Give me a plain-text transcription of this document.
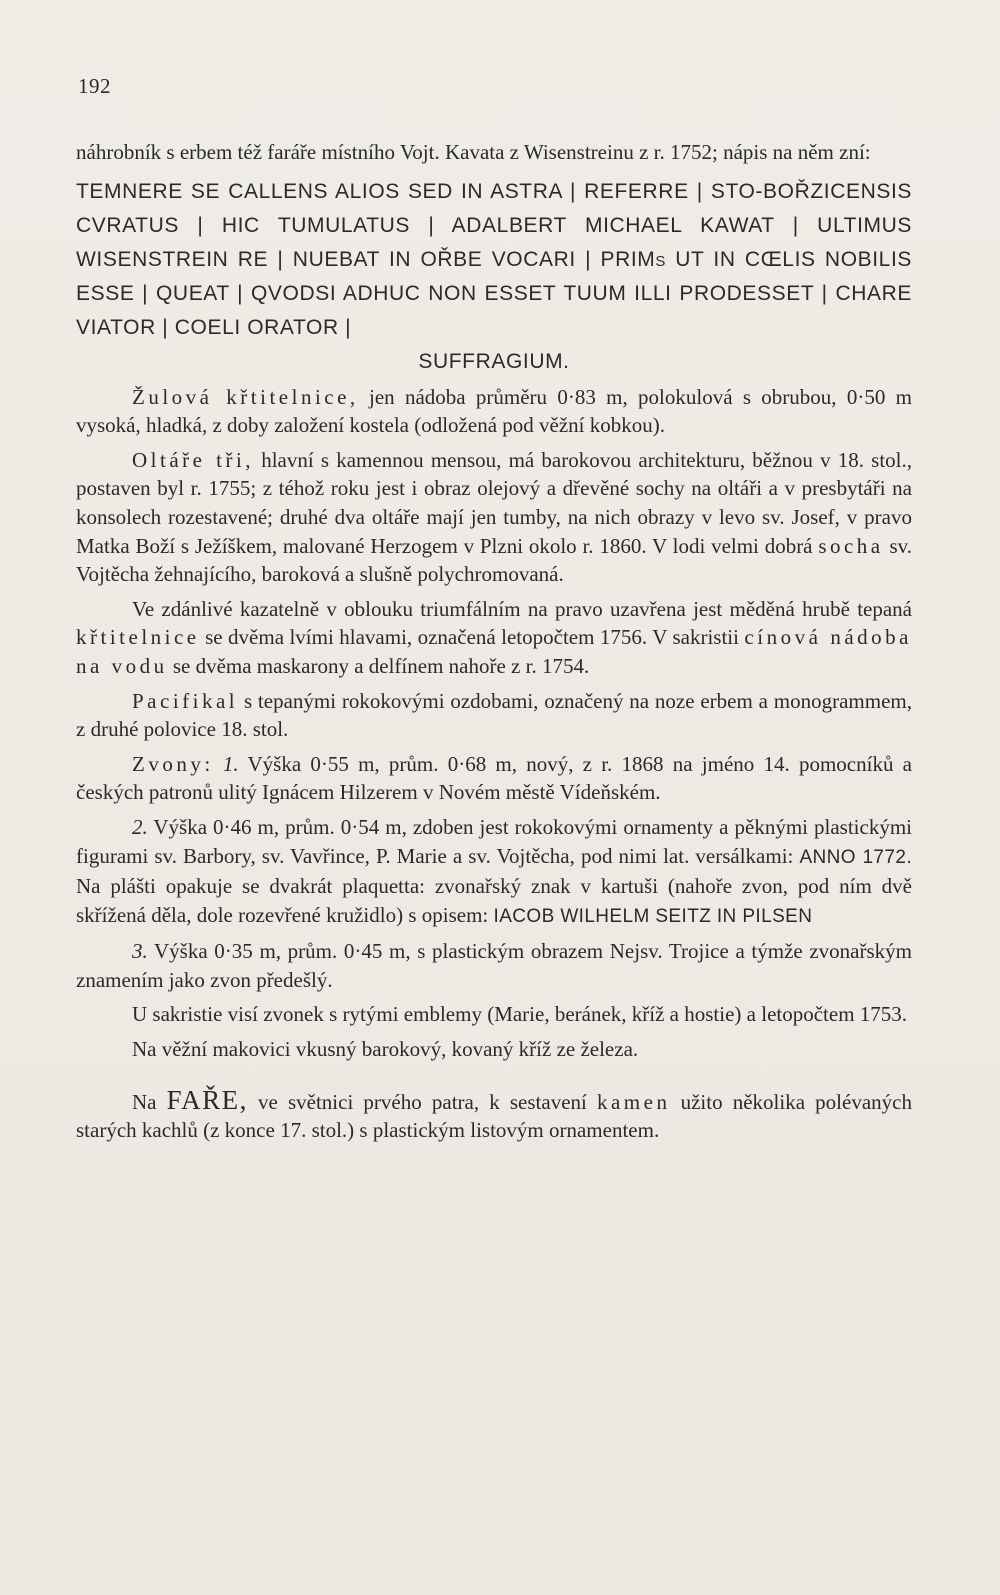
192

náhrobník s erbem též faráře místního Vojt. Kavata z Wisenstreinu z r. 1752; nápis na něm zní:

TEMNERE SE CALLENS ALIOS SED IN ASTRA | REFERRE | STO-BOŘZICENSIS CVRATUS | HIC TUMULATUS | ADALBERT MICHAEL KAWAT | ULTIMUS WISENSTREIN RE | NUEBAT IN OŘBE VOCARI | PRIMs UT IN CŒLIS NOBILIS ESSE | QUEAT | QVODSI ADHUC NON ESSET TUUM ILLI PRODESSET | CHARE VIATOR | COELI ORATOR |

SUFFRAGIUM.

Žulová křtitelnice, jen nádoba průměru 0·83 m, polokulová s obrubou, 0·50 m vysoká, hladká, z doby založení kostela (odložená pod věžní kobkou).

Oltáře tři, hlavní s kamennou mensou, má barokovou architekturu, běžnou v 18. stol., postaven byl r. 1755; z téhož roku jest i obraz olejový a dřevěné sochy na oltáři a v presbytáři na konsolech rozestavené; druhé dva oltáře mají jen tumby, na nich obrazy v levo sv. Josef, v pravo Matka Boží s Ježíškem, malované Herzogem v Plzni okolo r. 1860. V lodi velmi dobrá socha sv. Vojtěcha žehnajícího, baroková a slušně polychromovaná.

Ve zdánlivé kazatelně v oblouku triumfálním na pravo uzavřena jest měděná hrubě tepaná křtitelnice se dvěma lvími hlavami, označená letopočtem 1756. V sakristii cínová nádoba na vodu se dvěma maskarony a delfínem nahoře z r. 1754.

Pacifikal s tepanými rokokovými ozdobami, označený na noze erbem a monogrammem, z druhé polovice 18. stol.

Zvony: 1. Výška 0·55 m, prům. 0·68 m, nový, z r. 1868 na jméno 14. pomocníků a českých patronů ulitý Ignácem Hilzerem v Novém městě Vídeňském.

2. Výška 0·46 m, prům. 0·54 m, zdoben jest rokokovými ornamenty a pěknými plastickými figurami sv. Barbory, sv. Vavřince, P. Marie a sv. Vojtěcha, pod nimi lat. versálkami: ANNO 1772. Na plášti opakuje se dvakrát plaquetta: zvonařský znak v kartuši (nahoře zvon, pod ním dvě skřížená děla, dole rozevřené kružidlo) s opisem: IACOB WILHELM SEITZ IN PILSEN

3. Výška 0·35 m, prům. 0·45 m, s plastickým obrazem Nejsv. Trojice a týmže zvonařským znamením jako zvon předešlý.

U sakristie visí zvonek s rytými emblemy (Marie, beránek, kříž a hostie) a letopočtem 1753.

Na věžní makovici vkusný barokový, kovaný kříž ze železa.

Na FAŘE, ve světnici prvého patra, k sestavení kamen užito několika polévaných starých kachlů (z konce 17. stol.) s plastickým listovým ornamentem.
